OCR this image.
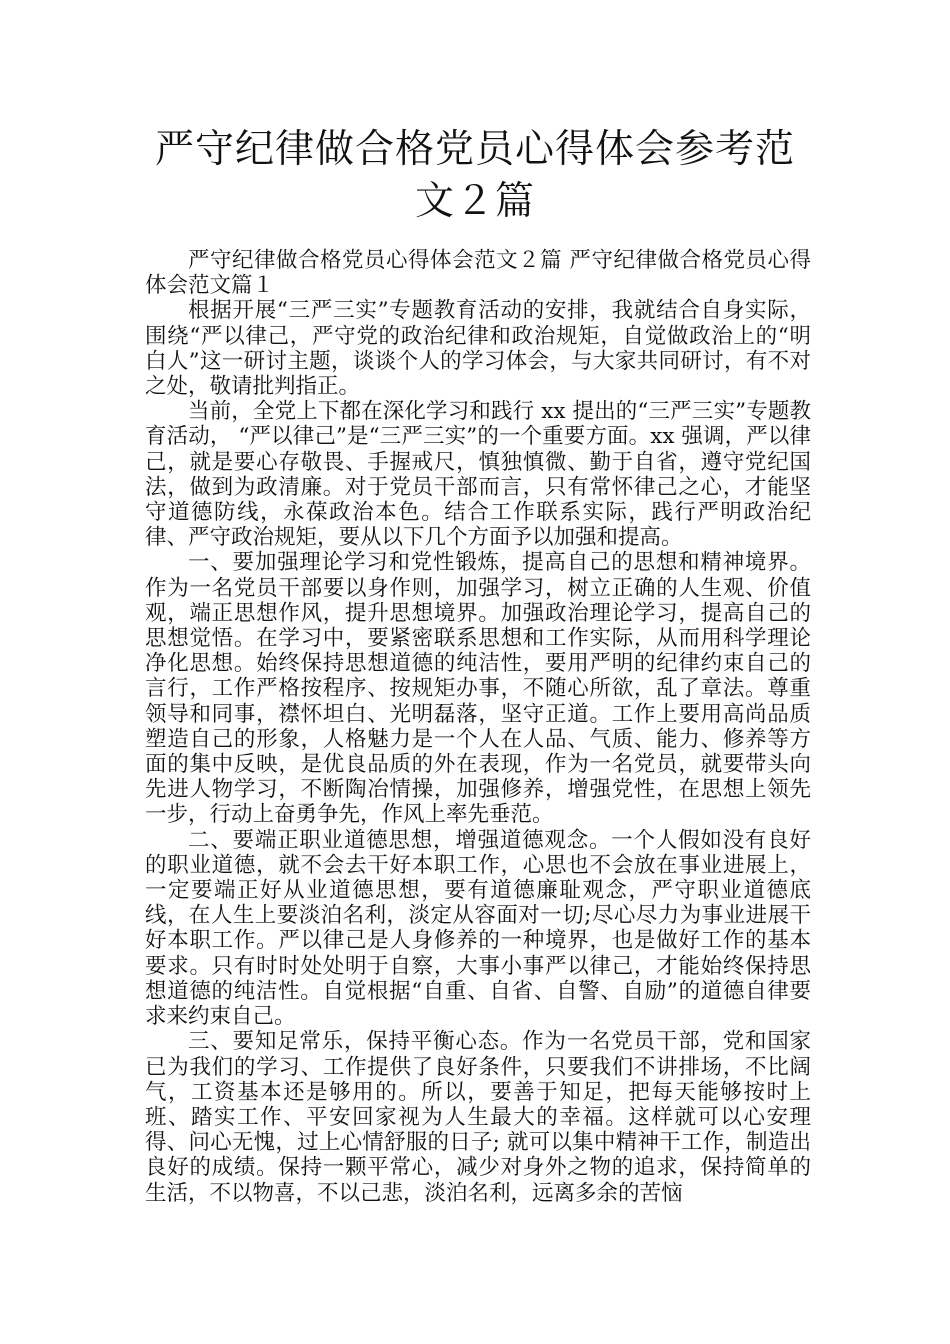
严守纪律做合格党员心得体会参考范文２篇

严守纪律做合格党员心得体会范文２篇 严守纪律做合格党员心得体会范文篇１

根据开展“三严三实”专题教育活动的安排，我就结合自身实际，围绕“严以律己，严守党的政治纪律和政治规矩，自觉做政治上的“明白人”这一研讨主题，谈谈个人的学习体会，与大家共同研讨，有不对之处，敬请批判指正。

当前，全党上下都在深化学习和践行 xx 提出的“三严三实”专题教育活动， “严以律己”是“三严三实”的一个重要方面。xx 强调，严以律己，就是要心存敬畏、手握戒尺，慎独慎微、勤于自省，遵守党纪国法，做到为政清廉。对于党员干部而言，只有常怀律己之心，才能坚守道德防线，永葆政治本色。结合工作联系实际，践行严明政治纪律、严守政治规矩，要从以下几个方面予以加强和提高。

一、要加强理论学习和党性锻炼，提高自己的思想和精神境界。作为一名党员干部要以身作则，加强学习，树立正确的人生观、价值观，端正思想作风，提升思想境界。加强政治理论学习，提高自己的思想觉悟。在学习中，要紧密联系思想和工作实际，从而用科学理论净化思想。始终保持思想道德的纯洁性，要用严明的纪律约束自己的言行，工作严格按程序、按规矩办事，不随心所欲，乱了章法。尊重领导和同事，襟怀坦白、光明磊落，坚守正道。工作上要用高尚品质塑造自己的形象，人格魅力是一个人在人品、气质、能力、修养等方面的集中反映，是优良品质的外在表现，作为一名党员，就要带头向先进人物学习，不断陶冶情操，加强修养，增强党性，在思想上领先一步，行动上奋勇争先，作风上率先垂范。

二、要端正职业道德思想，增强道德观念。一个人假如没有良好的职业道德，就不会去干好本职工作，心思也不会放在事业进展上，一定要端正好从业道德思想，要有道德廉耻观念，严守职业道德底线，在人生上要淡泊名利，淡定从容面对一切;尽心尽力为事业进展干好本职工作。严以律己是人身修养的一种境界，也是做好工作的基本要求。只有时时处处明于自察，大事小事严以律己，才能始终保持思想道德的纯洁性。自觉根据“自重、自省、自警、自励”的道德自律要求来约束自己。

三、要知足常乐，保持平衡心态。作为一名党员干部，党和国家已为我们的学习、工作提供了良好条件，只要我们不讲排场，不比阔气，工资基本还是够用的。所以，要善于知足，把每天能够按时上班、踏实工作、平安回家视为人生最大的幸福。这样就可以心安理得、问心无愧，过上心情舒服的日子; 就可以集中精神干工作，制造出良好的成绩。保持一颗平常心，减少对身外之物的追求，保持简单的生活，不以物喜，不以己悲，淡泊名利，远离多余的苦恼
